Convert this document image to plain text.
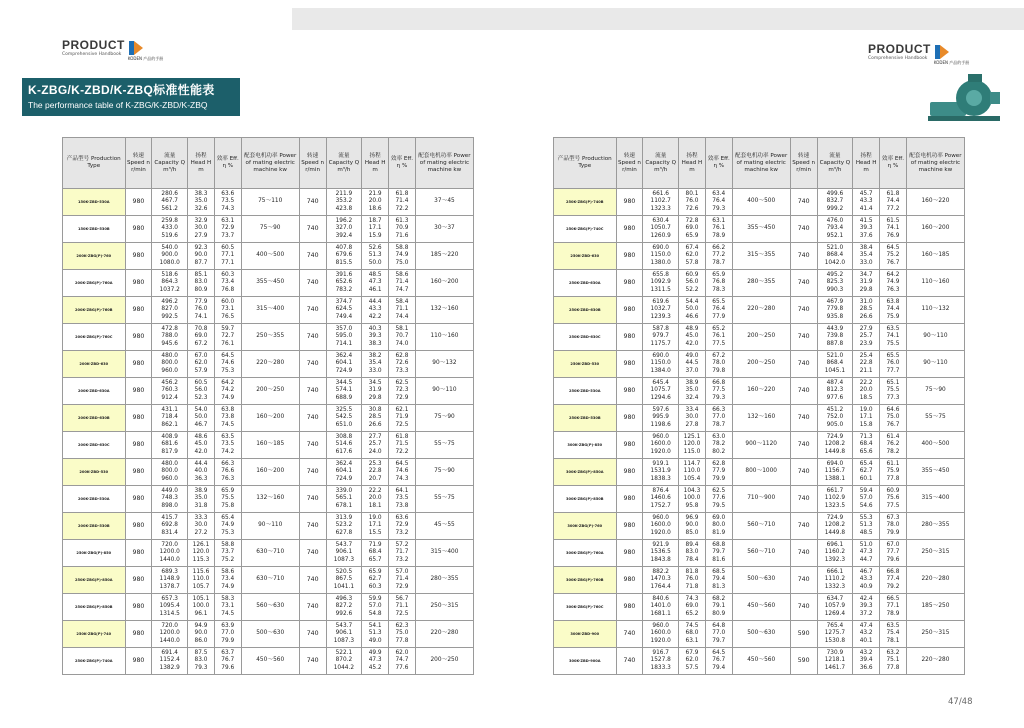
PRODUCT
Comprehensive Handbook
KODEN 产品的手册
PRODUCT
Comprehensive Handbook
KODEN 产品的手册
K-ZBG/K-ZBD/K-ZBQ标准性能表
The performance table of K-ZBG/K-ZBD/K-ZBQ
产品型号 Production Type	转速 Speed n r/min	流量 Capacity Q m³/h	扬程 Head H m	效率 Eff. η %	配套电机功率 Power of mating electric machine kw	转速 Speed n r/min	流量 Capacity Q m³/h	扬程 Head H m	效率 Eff. η %	配套电机功率 Power of mating electric machine kw
150K-ZBD-530A	980	280.6
467.7
561.2	38.3
35.0
32.6	63.6
73.5
74.3	75～110	740	211.9
353.2
423.8	21.9
20.0
18.6	61.8
71.4
72.2	37～45
150K-ZBD-530B	980	259.8
433.0
519.6	32.9
30.0
27.9	63.1
72.9
73.7	75～90	740	196.2
327.0
392.4	18.7
17.1
15.9	61.3
70.9
71.6	30～37
200K-ZBG(P)-760	980	540.0
900.0
1080.0	92.3
90.0
87.7	60.5
77.1
77.1	400～500	740	407.8
679.6
815.5	52.6
51.3
50.0	58.8
74.9
75.0	185～220
200K-ZBG(P)-760A	980	518.6
864.3
1037.2	85.1
83.0
80.9	60.3
73.4
76.8	355～450	740	391.6
652.6
783.2	48.5
47.3
46.1	58.6
71.4
74.7	160～200
200K-ZBG(P)-760B	980	496.2
827.0
992.5	77.9
76.0
74.1	60.0
73.1
76.5	315～400	740	374.7
624.5
749.4	44.4
43.3
42.2	58.4
71.1
74.4	132～160
200K-ZBG(P)-760C	980	472.8
788.0
945.6	70.8
69.0
67.2	59.7
72.7
76.1	250～355	740	357.0
595.0
714.1	40.3
39.3
38.3	58.1
70.7
74.0	110～160
200K-ZBD-630	980	480.0
800.0
960.0	67.0
62.0
57.9	64.5
74.6
75.3	220～280	740	362.4
604.1
724.9	38.2
35.4
33.0	62.8
72.6
73.3	90～132
200K-ZBD-630A	980	456.2
760.3
912.4	60.5
56.0
52.3	64.2
74.2
74.9	200～250	740	344.5
574.1
688.9	34.5
31.9
29.8	62.5
72.3
72.9	90～110
200K-ZBD-630B	980	431.1
718.4
862.1	54.0
50.0
46.7	63.8
73.8
74.5	160～200	740	325.5
542.5
651.0	30.8
28.5
26.6	62.1
71.9
72.5	75～90
200K-ZBD-630C	980	408.9
681.6
817.9	48.6
45.0
42.0	63.5
73.5
74.2	160～185	740	308.8
514.6
617.6	27.7
25.7
24.0	61.8
71.5
72.2	55～75
200K-ZBD-530	980	480.0
800.0
960.0	44.4
40.0
36.3	66.3
76.6
76.3	160～200	740	362.4
604.1
724.9	25.3
22.8
20.7	64.5
74.6
74.3	75～90
200K-ZBD-530A	980	449.0
748.3
898.0	38.9
35.0
31.8	65.9
75.5
75.8	132～160	740	339.0
565.1
678.1	22.2
20.0
18.1	64.1
73.5
73.8	55～75
200K-ZBD-530B	980	415.7
692.8
831.4	33.3
30.0
27.2	65.4
74.9
75.3	90～110	740	313.9
523.2
627.8	19.0
17.1
15.5	63.6
72.9
73.2	45～55
250K-ZBG(P)-850	980	720.0
1200.0
1440.0	126.1
120.0
115.3	58.8
73.7
75.2	630～710	740	543.7
906.1
1087.3	71.9
68.4
65.7	57.2
71.7
73.2	315～400
250K-ZBG(P)-850A	980	689.3
1148.9
1378.7	115.6
110.0
105.7	58.6
73.4
74.9	630～710	740	520.5
867.5
1041.1	65.9
62.7
60.3	57.0
71.4
72.9	280～355
250K-ZBG(P)-850B	980	657.3
1095.4
1314.5	105.1
100.0
96.1	58.3
73.1
74.5	560～630	740	496.3
827.2
992.6	59.9
57.0
54.8	56.7
71.1
72.5	250～315
250K-ZBG(P)-740	980	720.0
1200.0
1440.0	94.9
90.0
86.0	63.9
77.0
79.9	500～630	740	543.7
906.1
1087.3	54.1
51.3
49.0	62.3
75.0
77.8	220～280
250K-ZBG(P)-740A	980	691.4
1152.4
1382.9	87.5
83.0
79.3	63.7
76.7
79.6	450～560	740	522.1
870.2
1044.2	49.9
47.3
45.2	62.0
74.7
77.6	200～250
产品型号 Production Type	转速 Speed n r/min	流量 Capacity Q m³/h	扬程 Head H m	效率 Eff. η %	配套电机功率 Power of mating electric machine kw	转速 Speed n r/min	流量 Capacity Q m³/h	扬程 Head H m	效率 Eff. η %	配套电机功率 Power of mating electric machine kw
250K-ZBG(P)-740B	980	661.6
1102.7
1323.3	80.1
76.0
72.6	63.4
76.4
79.3	400～500	740	499.6
832.7
999.2	45.7
43.3
41.4	61.8
74.4
77.2	160～220
250K-ZBG(P)-740C	980	630.4
1050.7
1260.9	72.8
69.0
65.9	63.1
76.1
78.9	355～450	740	476.0
793.4
952.1	41.5
39.3
37.6	61.5
74.1
76.9	160～200
250K-ZBD-630	980	690.0
1150.0
1380.0	67.4
62.0
57.8	66.2
77.2
78.7	315～355	740	521.0
868.4
1042.0	38.4
35.4
33.0	64.5
75.2
76.7	160～185
250K-ZBD-630A	980	655.8
1092.9
1311.5	60.9
56.0
52.2	65.9
76.8
78.3	280～355	740	495.2
825.3
990.3	34.7
31.9
29.8	64.2
74.9
76.3	110～160
250K-ZBD-630B	980	619.6
1032.7
1239.3	54.4
50.0
46.6	65.5
76.4
77.9	220～280	740	467.9
779.8
935.8	31.0
28.5
26.6	63.8
74.4
75.9	110～132
250K-ZBD-630C	980	587.8
979.7
1175.7	48.9
45.0
42.0	65.2
76.1
77.5	200～250	740	443.9
739.8
887.8	27.9
25.7
23.9	63.5
74.1
75.5	90～110
250K-ZBD-530	980	690.0
1150.0
1384.0	49.0
44.5
37.0	67.2
78.0
79.8	200～250	740	521.0
868.4
1045.1	25.4
22.8
21.1	65.5
76.0
77.7	90～110
250K-ZBD-530A	980	645.4
1075.7
1294.6	38.9
35.0
32.4	66.8
77.5
79.3	160～220	740	487.4
812.3
977.6	22.2
20.0
18.5	65.1
75.5
77.3	75～90
250K-ZBD-530B	980	597.6
995.9
1198.6	33.4
30.0
27.8	66.3
77.0
78.7	132～160	740	451.2
752.0
905.0	19.0
17.1
15.8	64.6
75.0
76.7	55～75
300K-ZBG(P)-850	980	960.0
1600.0
1920.0	125.1
120.0
115.0	63.0
78.2
80.2	900～1120	740	724.9
1208.2
1449.8	71.3
68.4
65.6	61.4
76.2
78.2	400～500
300K-ZBG(P)-850A	980	919.1
1531.9
1838.3	114.7
110.0
105.4	62.8
77.9
79.9	800～1000	740	694.0
1156.7
1388.1	65.4
62.7
60.1	61.1
75.9
77.8	355～450
300K-ZBG(P)-850B	980	876.4
1460.6
1752.7	104.3
100.0
95.8	62.5
77.6
79.5	710～900	740	661.7
1102.9
1323.5	59.4
57.0
54.6	60.9
75.6
77.5	315～400
300K-ZBG(P)-760	980	960.0
1600.0
1920.0	96.9
90.0
85.0	69.0
80.0
81.9	560～710	740	724.9
1208.2
1449.8	55.3
51.3
48.5	67.3
78.0
79.9	280～355
300K-ZBG(P)-760A	980	921.9
1536.5
1843.8	89.4
83.0
78.4	68.8
79.7
81.6	560～710	740	696.1
1160.2
1392.3	51.0
47.3
44.7	67.0
77.7
79.6	250～315
300K-ZBG(P)-760B	980	882.2
1470.3
1764.4	81.8
76.0
71.8	68.5
79.4
81.3	500～630	740	666.1
1110.2
1332.3	46.7
43.3
40.9	66.8
77.4
79.2	220～280
300K-ZBG(P)-760C	980	840.6
1401.0
1681.1	74.3
69.0
65.2	68.2
79.1
80.9	450～560	740	634.7
1057.9
1269.4	42.4
39.3
37.2	66.5
77.1
78.9	185～250
300K-ZBD-900	740	960.0
1600.0
1920.0	74.5
68.0
63.1	64.8
77.0
79.7	500～630	590	765.4
1275.7
1530.8	47.4
43.2
40.1	63.5
75.4
78.1	250～315
300K-ZBD-900A	740	916.7
1527.8
1833.3	67.9
62.0
57.5	64.5
76.7
79.4	450～560	590	730.9
1218.1
1461.7	43.2
39.4
36.6	63.2
75.1
77.8	220～280
47/48
